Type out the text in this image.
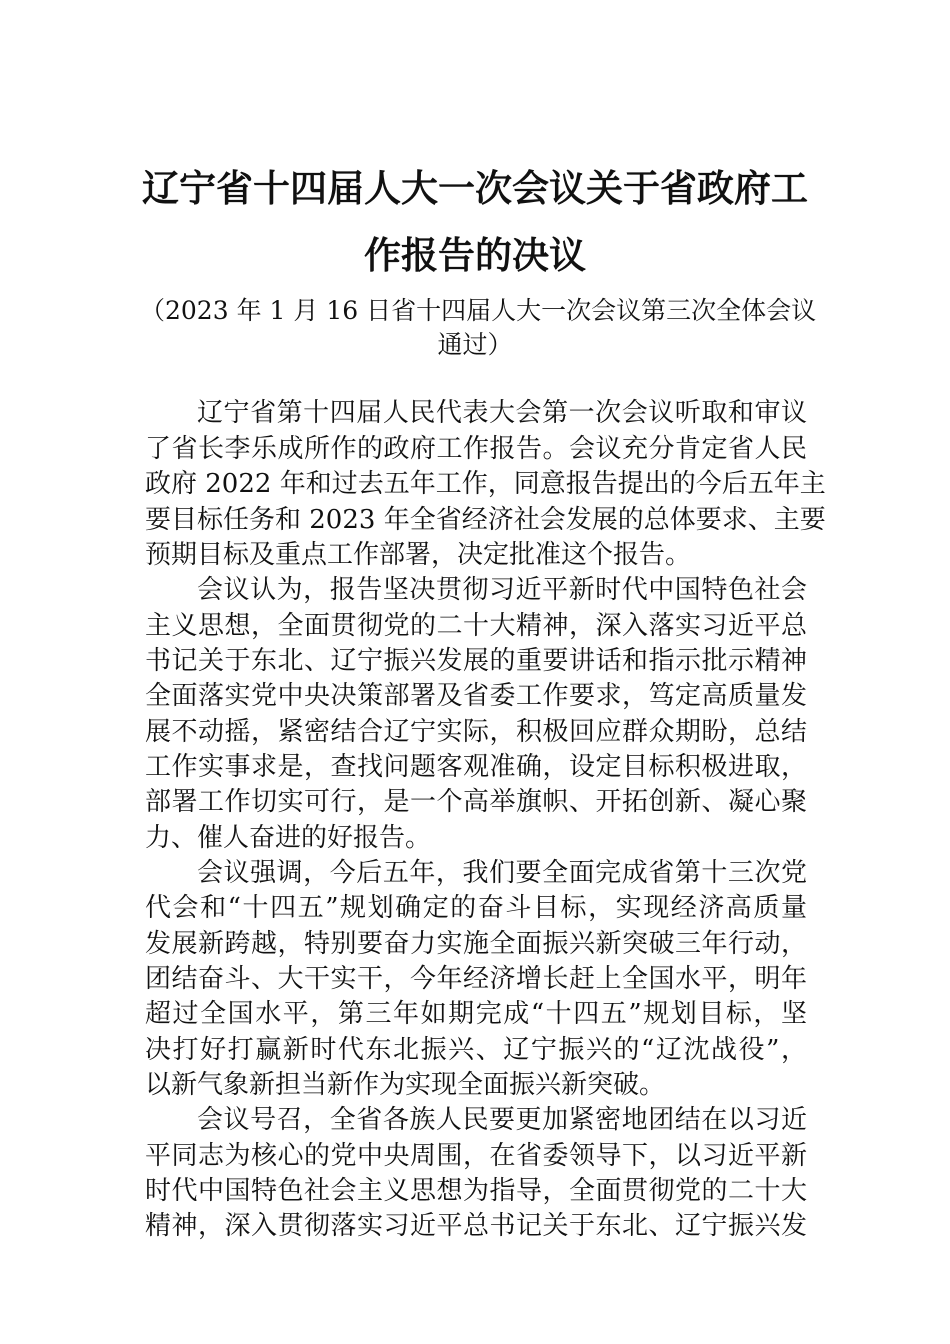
辽宁省十四届人大一次会议关于省政府工
作报告的决议

（2023 年 1 月 16 日省十四届人大一次会议第三次全体会议

通过）

辽宁省第十四届人民代表大会第一次会议听取和审议

了省长李乐成所作的政府工作报告。会议充分肯定省人民

政府 2022 年和过去五年工作，同意报告提出的今后五年主

要目标任务和 2023 年全省经济社会发展的总体要求、主要

预期目标及重点工作部署，决定批准这个报告。

会议认为，报告坚决贯彻习近平新时代中国特色社会

主义思想，全面贯彻党的二十大精神，深入落实习近平总

书记关于东北、辽宁振兴发展的重要讲话和指示批示精神

全面落实党中央决策部署及省委工作要求，笃定高质量发

展不动摇，紧密结合辽宁实际，积极回应群众期盼，总结

工作实事求是，查找问题客观准确，设定目标积极进取，

部署工作切实可行，是一个高举旗帜、开拓创新、凝心聚

力、催人奋进的好报告。

会议强调，今后五年，我们要全面完成省第十三次党

代会和“十四五”规划确定的奋斗目标，实现经济高质量

发展新跨越，特别要奋力实施全面振兴新突破三年行动，

团结奋斗、大干实干，今年经济增长赶上全国水平，明年

超过全国水平，第三年如期完成“十四五”规划目标，坚

决打好打赢新时代东北振兴、辽宁振兴的“辽沈战役”，

以新气象新担当新作为实现全面振兴新突破。

会议号召，全省各族人民要更加紧密地团结在以习近

平同志为核心的党中央周围，在省委领导下，以习近平新

时代中国特色社会主义思想为指导，全面贯彻党的二十大

精神，深入贯彻落实习近平总书记关于东北、辽宁振兴发
